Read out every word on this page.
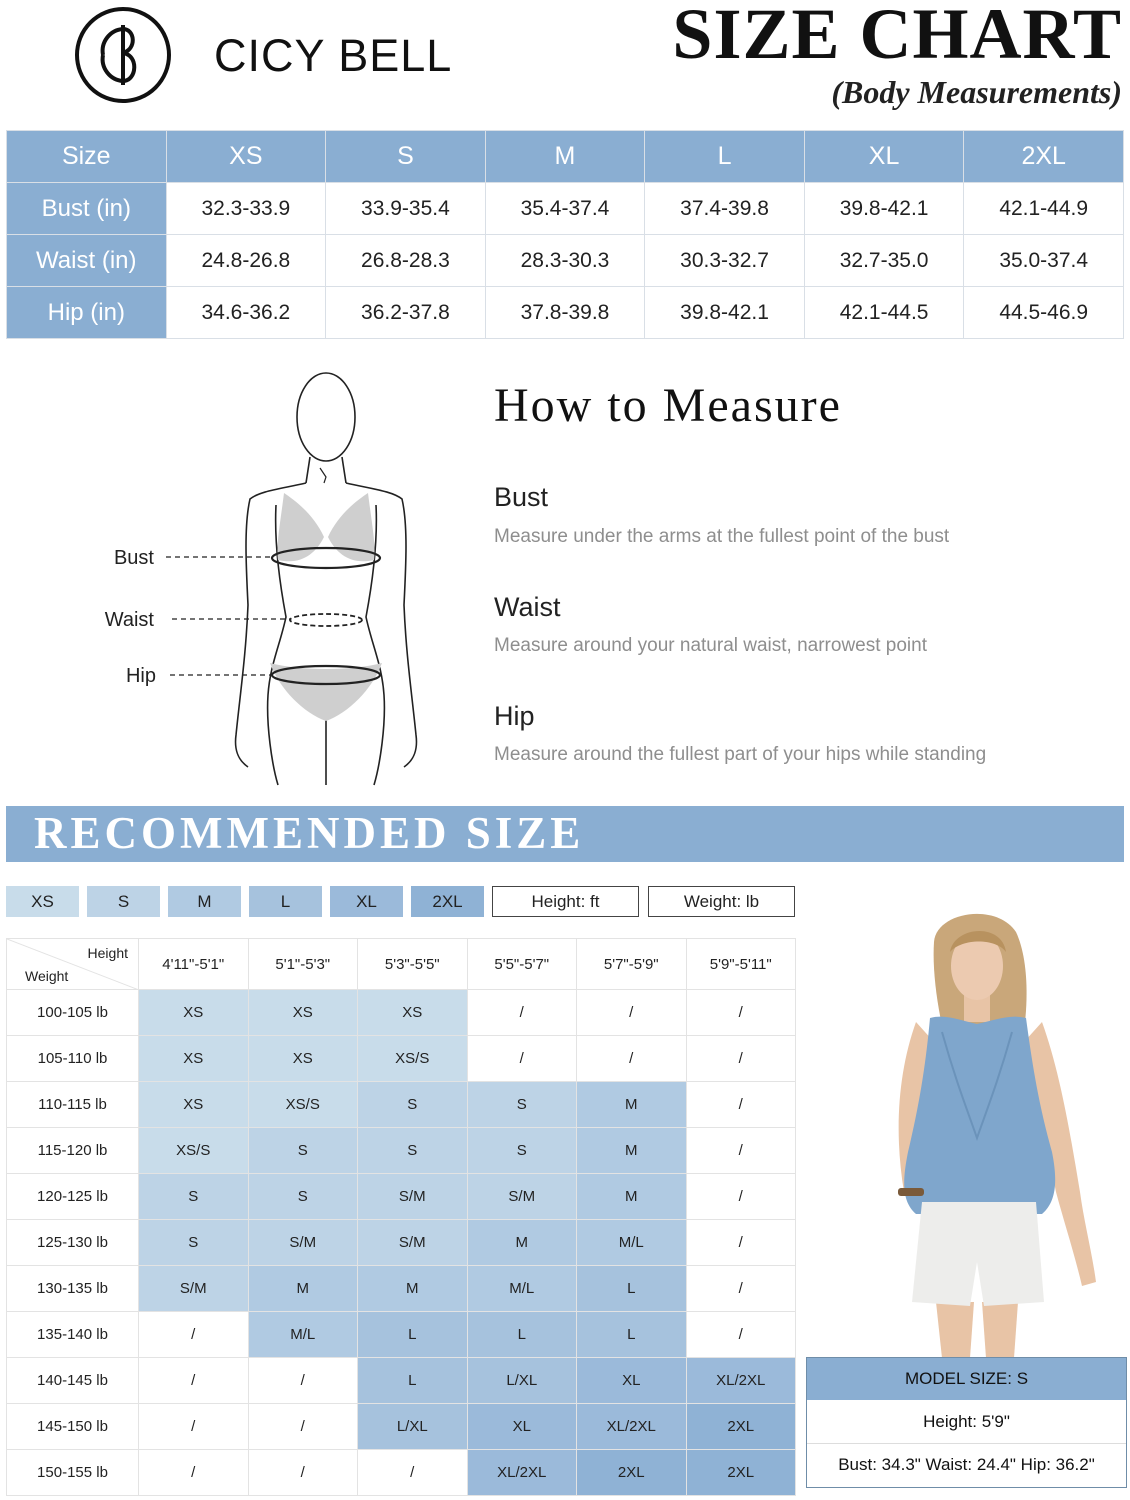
CICY BELL	SIZE CHART
(Body Measurements)
Size	XS	S	M	L	XL	2XL
Bust (in)	32.3-33.9	33.9-35.4	35.4-37.4	37.4-39.8	39.8-42.1	42.1-44.9
Waist (in)	24.8-26.8	26.8-28.3	28.3-30.3	30.3-32.7	32.7-35.0	35.0-37.4
Hip (in)	34.6-36.2	36.2-37.8	37.8-39.8	39.8-42.1	42.1-44.5	44.5-46.9
Bust
Waist
Hip
How to Measure
Bust
Measure under the arms at the fullest point of the bust
Waist
Measure around your natural waist, narrowest point
Hip
Measure around the fullest part of your hips while standing
RECOMMENDED SIZE
XS	S	M	L	XL	2XL	Height: ft	Weight: lb
Height
Weight	4'11"-5'1"	5'1"-5'3"	5'3"-5'5"	5'5"-5'7"	5'7"-5'9"	5'9"-5'11"
100-105 lb	XS	XS	XS	/	/	/
105-110 lb	XS	XS	XS/S	/	/	/
110-115 lb	XS	XS/S	S	S	M	/
115-120 lb	XS/S	S	S	S	M	/
120-125 lb	S	S	S/M	S/M	M	/
125-130 lb	S	S/M	S/M	M	M/L	/
130-135 lb	S/M	M	M	M/L	L	/
135-140 lb	/	M/L	L	L	L	/
140-145 lb	/	/	L	L/XL	XL	XL/2XL
145-150 lb	/	/	L/XL	XL	XL/2XL	2XL
150-155 lb	/	/	/	XL/2XL	2XL	2XL
MODEL SIZE: S
Height: 5'9"
Bust: 34.3" Waist: 24.4" Hip: 36.2"
